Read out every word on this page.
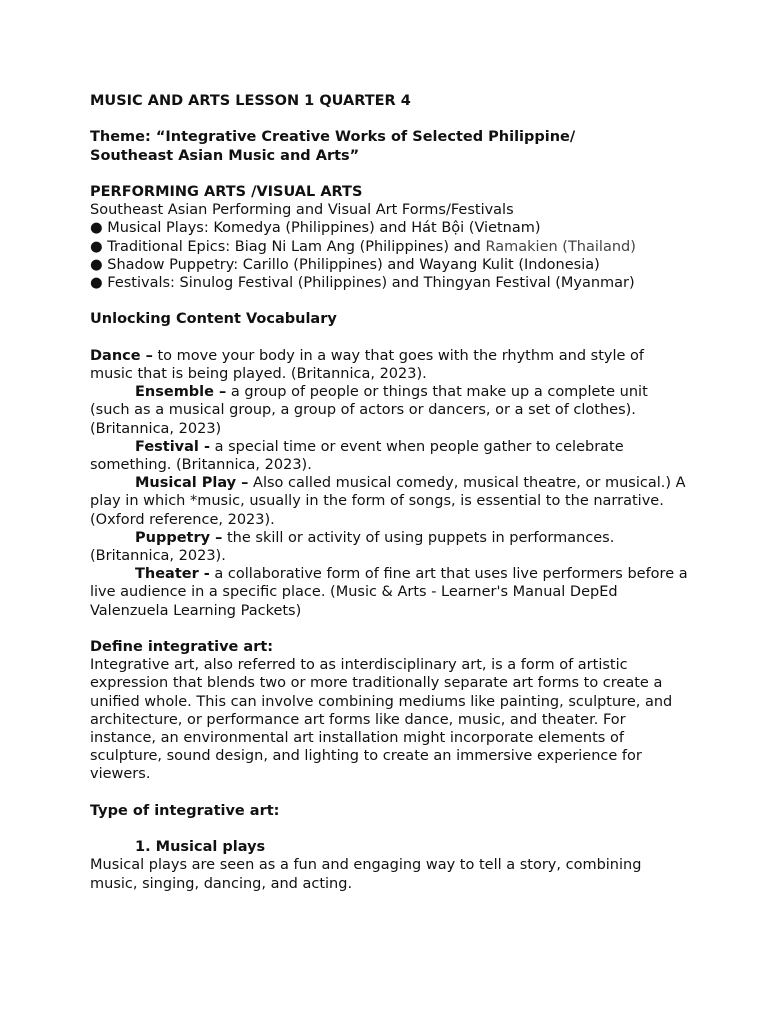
MUSIC AND ARTS LESSON 1 QUARTER 4

Theme: “Integrative Creative Works of Selected Philippine/

Southeast Asian Music and Arts”

PERFORMING ARTS /VISUAL ARTS

Southeast Asian Performing and Visual Art Forms/Festivals

● Musical Plays: Komedya (Philippines) and Hát Bội (Vietnam)
● Traditional Epics: Biag Ni Lam Ang (Philippines) and Ramakien (Thailand)
● Shadow Puppetry: Carillo (Philippines) and Wayang Kulit (Indonesia)
● Festivals: Sinulog Festival (Philippines) and Thingyan Festival (Myanmar)

Unlocking Content Vocabulary

Dance – to move your body in a way that goes with the rhythm and style of music that is being played. (Britannica, 2023).

Ensemble – a group of people or things that make up a complete unit (such as a musical group, a group of actors or dancers, or a set of clothes). (Britannica, 2023)

Festival - a special time or event when people gather to celebrate something. (Britannica, 2023).

Musical Play – Also called musical comedy, musical theatre, or musical.) A play in which *music, usually in the form of songs, is essential to the narrative. (Oxford reference, 2023).

Puppetry – the skill or activity of using puppets in performances. (Britannica, 2023).

Theater - a collaborative form of fine art that uses live performers before a live audience in a specific place. (Music & Arts - Learner's Manual DepEd Valenzuela Learning Packets)

Define integrative art:

Integrative art, also referred to as interdisciplinary art, is a form of artistic expression that blends two or more traditionally separate art forms to create a unified whole. This can involve combining mediums like painting, sculpture, and architecture, or performance art forms like dance, music, and theater. For instance, an environmental art installation might incorporate elements of sculpture, sound design, and lighting to create an immersive experience for viewers.

Type of integrative art:

1. Musical plays

Musical plays are seen as a fun and engaging way to tell a story, combining music, singing, dancing, and acting.
